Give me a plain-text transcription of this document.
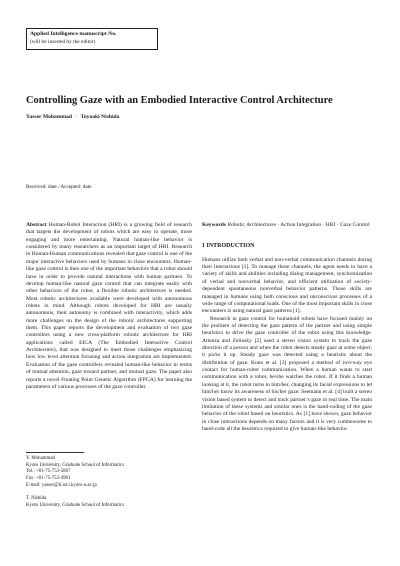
Applied Intelligence manuscript No.
(will be inserted by the editor)
Controlling Gaze with an Embodied Interactive Control Architecture
Yasser Mohammad · Toyoaki Nishida
Received: date / Accepted: date

Abstract Human-Robot Interaction (HRI) is a growing field of research that targets the development of robots which are easy to operate, more engaging and more entertaining. Natural human-like behavior is considered by many researchers as an important target of HRI. Research in Human-Human communications revealed that gaze control is one of the major interactive behaviors used by humans in close encounters. Human-like gaze control is then one of the important behaviors that a robot should have in order to provide natural interactions with human partners. To develop human-like natural gaze control that can integrate easily with other behaviors of the robot, a flexible robotic architecture is needed. Most robotic architectures available were developed with autonomous robots in mind. Although robots developed for HRI are usually autonomous, their autonomy is combined with interactivity, which adds more challenges on the design of the robotic architectures supporting them. This paper reports the development and evaluation of two gaze controllers using a new cross-platform robotic architecture for HRI applications called EICA (The Embodied Interactive Control Architecture), that was designed to meet those challenges emphasizing how low level attention focusing and action integration are implemented. Evaluation of the gaze controllers revealed human-like behavior in terms of mutual attention, gaze toward partner, and mutual gaze. The paper also reports a novel Floating Point Genetic Algorithm (FPGA) for learning the parameters of various processes of the gaze controller.

Keywords Robotic Architectures · Action Integration · HRI · Gaze Control

1 INTRODUCTION

Humans utilize both verbal and non-verbal communication channels during their interactions [1]. To manage these channels, the agent needs to have a variety of skills and abilities including dialog management, synchronization of verbal and nonverbal behavior, and efficient utilization of society-dependent spontaneous nonverbal behavior patterns. Those skills are managed in humans using both conscious and unconscious processes of a wide range of computational loads. One of the most important skills in close encounters is using natural gaze patterns [1].

Research in gaze control for humanoid robots have focused mainly on the problem of detecting the gaze pattern of the partner and using simple heuristics to drive the gaze controller of the robot using this knowledge. Atienza and Zelinsky [2] used a stereo vision system to track the gaze direction of a person and when the robot detects steady gaze at some object, it picks it up. Steady gaze was detected using a heuristic about the distribution of gaze. Kuno et al. [3] proposed a method of two-way eye contact for human-robot communication. When a human wants to start communication with a robot, he/she watches the robot. If it finds a human looking at it, the robot turns to him/her, changing its facial expressions to let him/her know its awareness of his/her gaze. Seemann et al. [4] built a stereo vision based system to detect and track partner’s gaze in real time. The main limitation of these systems and similar ones is the hand-coding of the gaze behavior of the robot based on heuristics. As [1] have shown, gaze behavior in close interactions depends on many factors and it is very cumbersome to hand-code all the heuristics required to give human-like behavior.

Y. Mohammad
Kyoto University, Graduate School of Informatics
Tel.: +81-75-753-5867
Fax: +81-75-753-4961
E-mail: yasser@ii.ist.i.kyoto-u.ac.jp
T. Nishida
Kyoto University, Graduate School of Informatics
